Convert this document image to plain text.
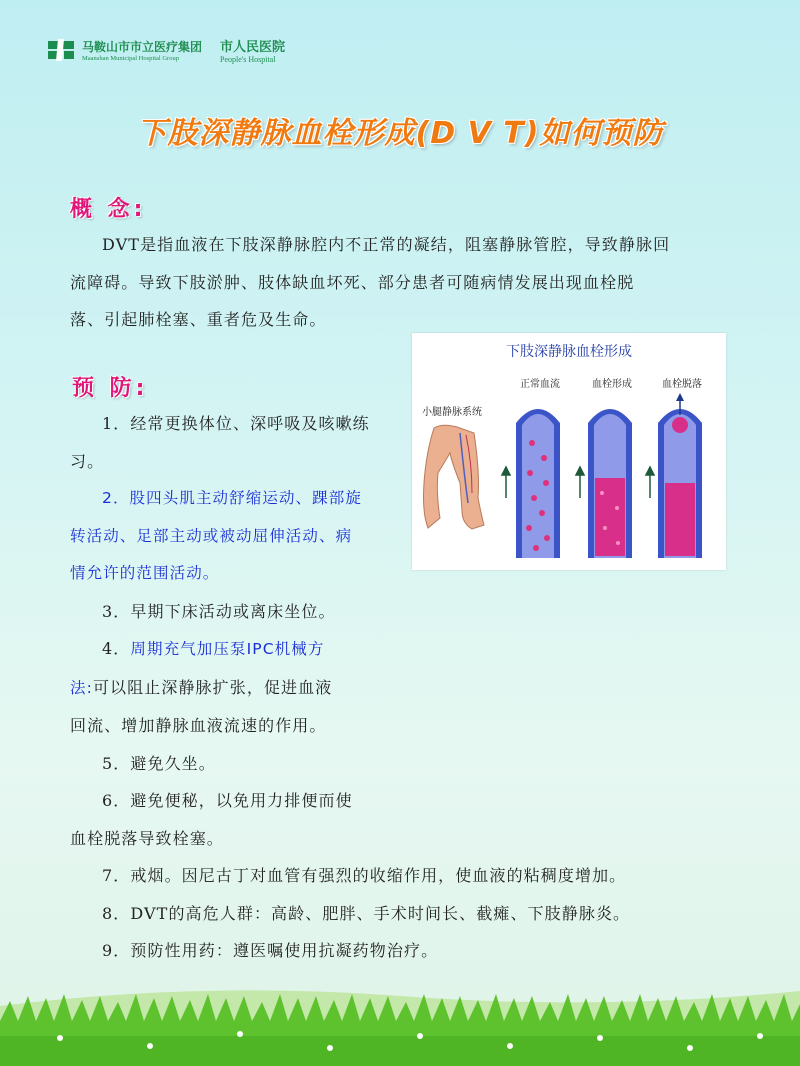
马鞍山市市立医疗集团
Maanshan Municipal Hospital Group
市人民医院
People's Hospital
下肢深静脉血栓形成(D V T)如何预防
概 念:
DVT是指血液在下肢深静脉腔内不正常的凝结，阻塞静脉管腔，导致静脉回
流障碍。导致下肢淤肿、肢体缺血坏死、部分患者可随病情发展出现血栓脱
落、引起肺栓塞、重者危及生命。
预 防:
1．经常更换体位、深呼吸及咳嗽练
习。
2．股四头肌主动舒缩运动、踝部旋
转活动、足部主动或被动屈伸活动、病
情允许的范围活动。
3．早期下床活动或离床坐位。
4．周期充气加压泵IPC机械方
法:可以阻止深静脉扩张，促进血液
回流、增加静脉血液流速的作用。
5．避免久坐。
6．避免便秘，以免用力排便而使
血栓脱落导致栓塞。
7．戒烟。因尼古丁对血管有强烈的收缩作用，使血液的粘稠度增加。
8．DVT的高危人群：高龄、肥胖、手术时间长、截瘫、下肢静脉炎。
9．预防性用药：遵医嘱使用抗凝药物治疗。
下肢深静脉血栓形成
正常血流	血栓形成	血栓脱落
小腿静脉系统
